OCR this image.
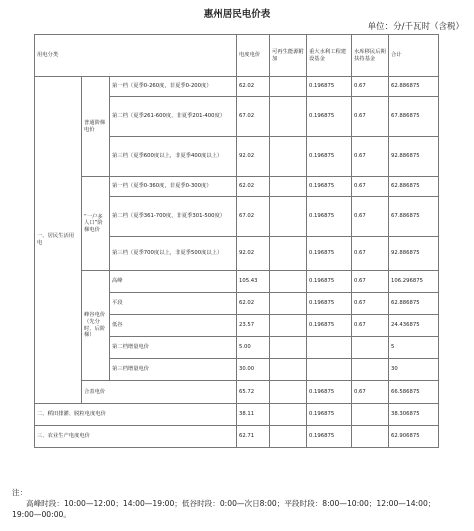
惠州居民电价表
单位：分/千瓦时（含税）
用电分类			电度电价	可再生能源附加	重大水利工程建设基金	水库移民后期扶持基金	合计
一、居民生活用电	普通阶梯电价	第一档（夏季0-260度，非夏季0-200度）	62.02		0.196875	0.67	62.886875
		第二档（夏季261-600度，非夏季201-400度）	67.02		0.196875	0.67	67.886875
		第三档（夏季600度以上，非夏季400度以上）	92.02		0.196875	0.67	92.886875
	“一户多人口”阶梯电价	第一档（夏季0-360度，非夏季0-300度）	62.02		0.196875	0.67	62.886875
		第二档（夏季361-700度，非夏季301-500度）	67.02		0.196875	0.67	67.886875
		第三档（夏季700度以上，非夏季500度以上）	92.02		0.196875	0.67	92.886875
	峰谷电价（先分时、后阶梯）	高峰	105.43		0.196875	0.67	106.296875
		平段	62.02		0.196875	0.67	62.886875
		低谷	23.57		0.196875	0.67	24.436875
		第二档增量电价	5.00				5
		第三档增量电价	30.00				30
	合表电价		65.72		0.196875	0.67	66.586875
二、稻田排灌、脱粒电度电价			38.11		0.196875		38.306875
三、农业生产电度电价			62.71		0.196875		62.906875
注：
高峰时段：10:00—12:00；14:00—19:00；低谷时段：0:00—次日8:00；平段时段：8:00—10:00；12:00—14:00；
19:00—00:00。
